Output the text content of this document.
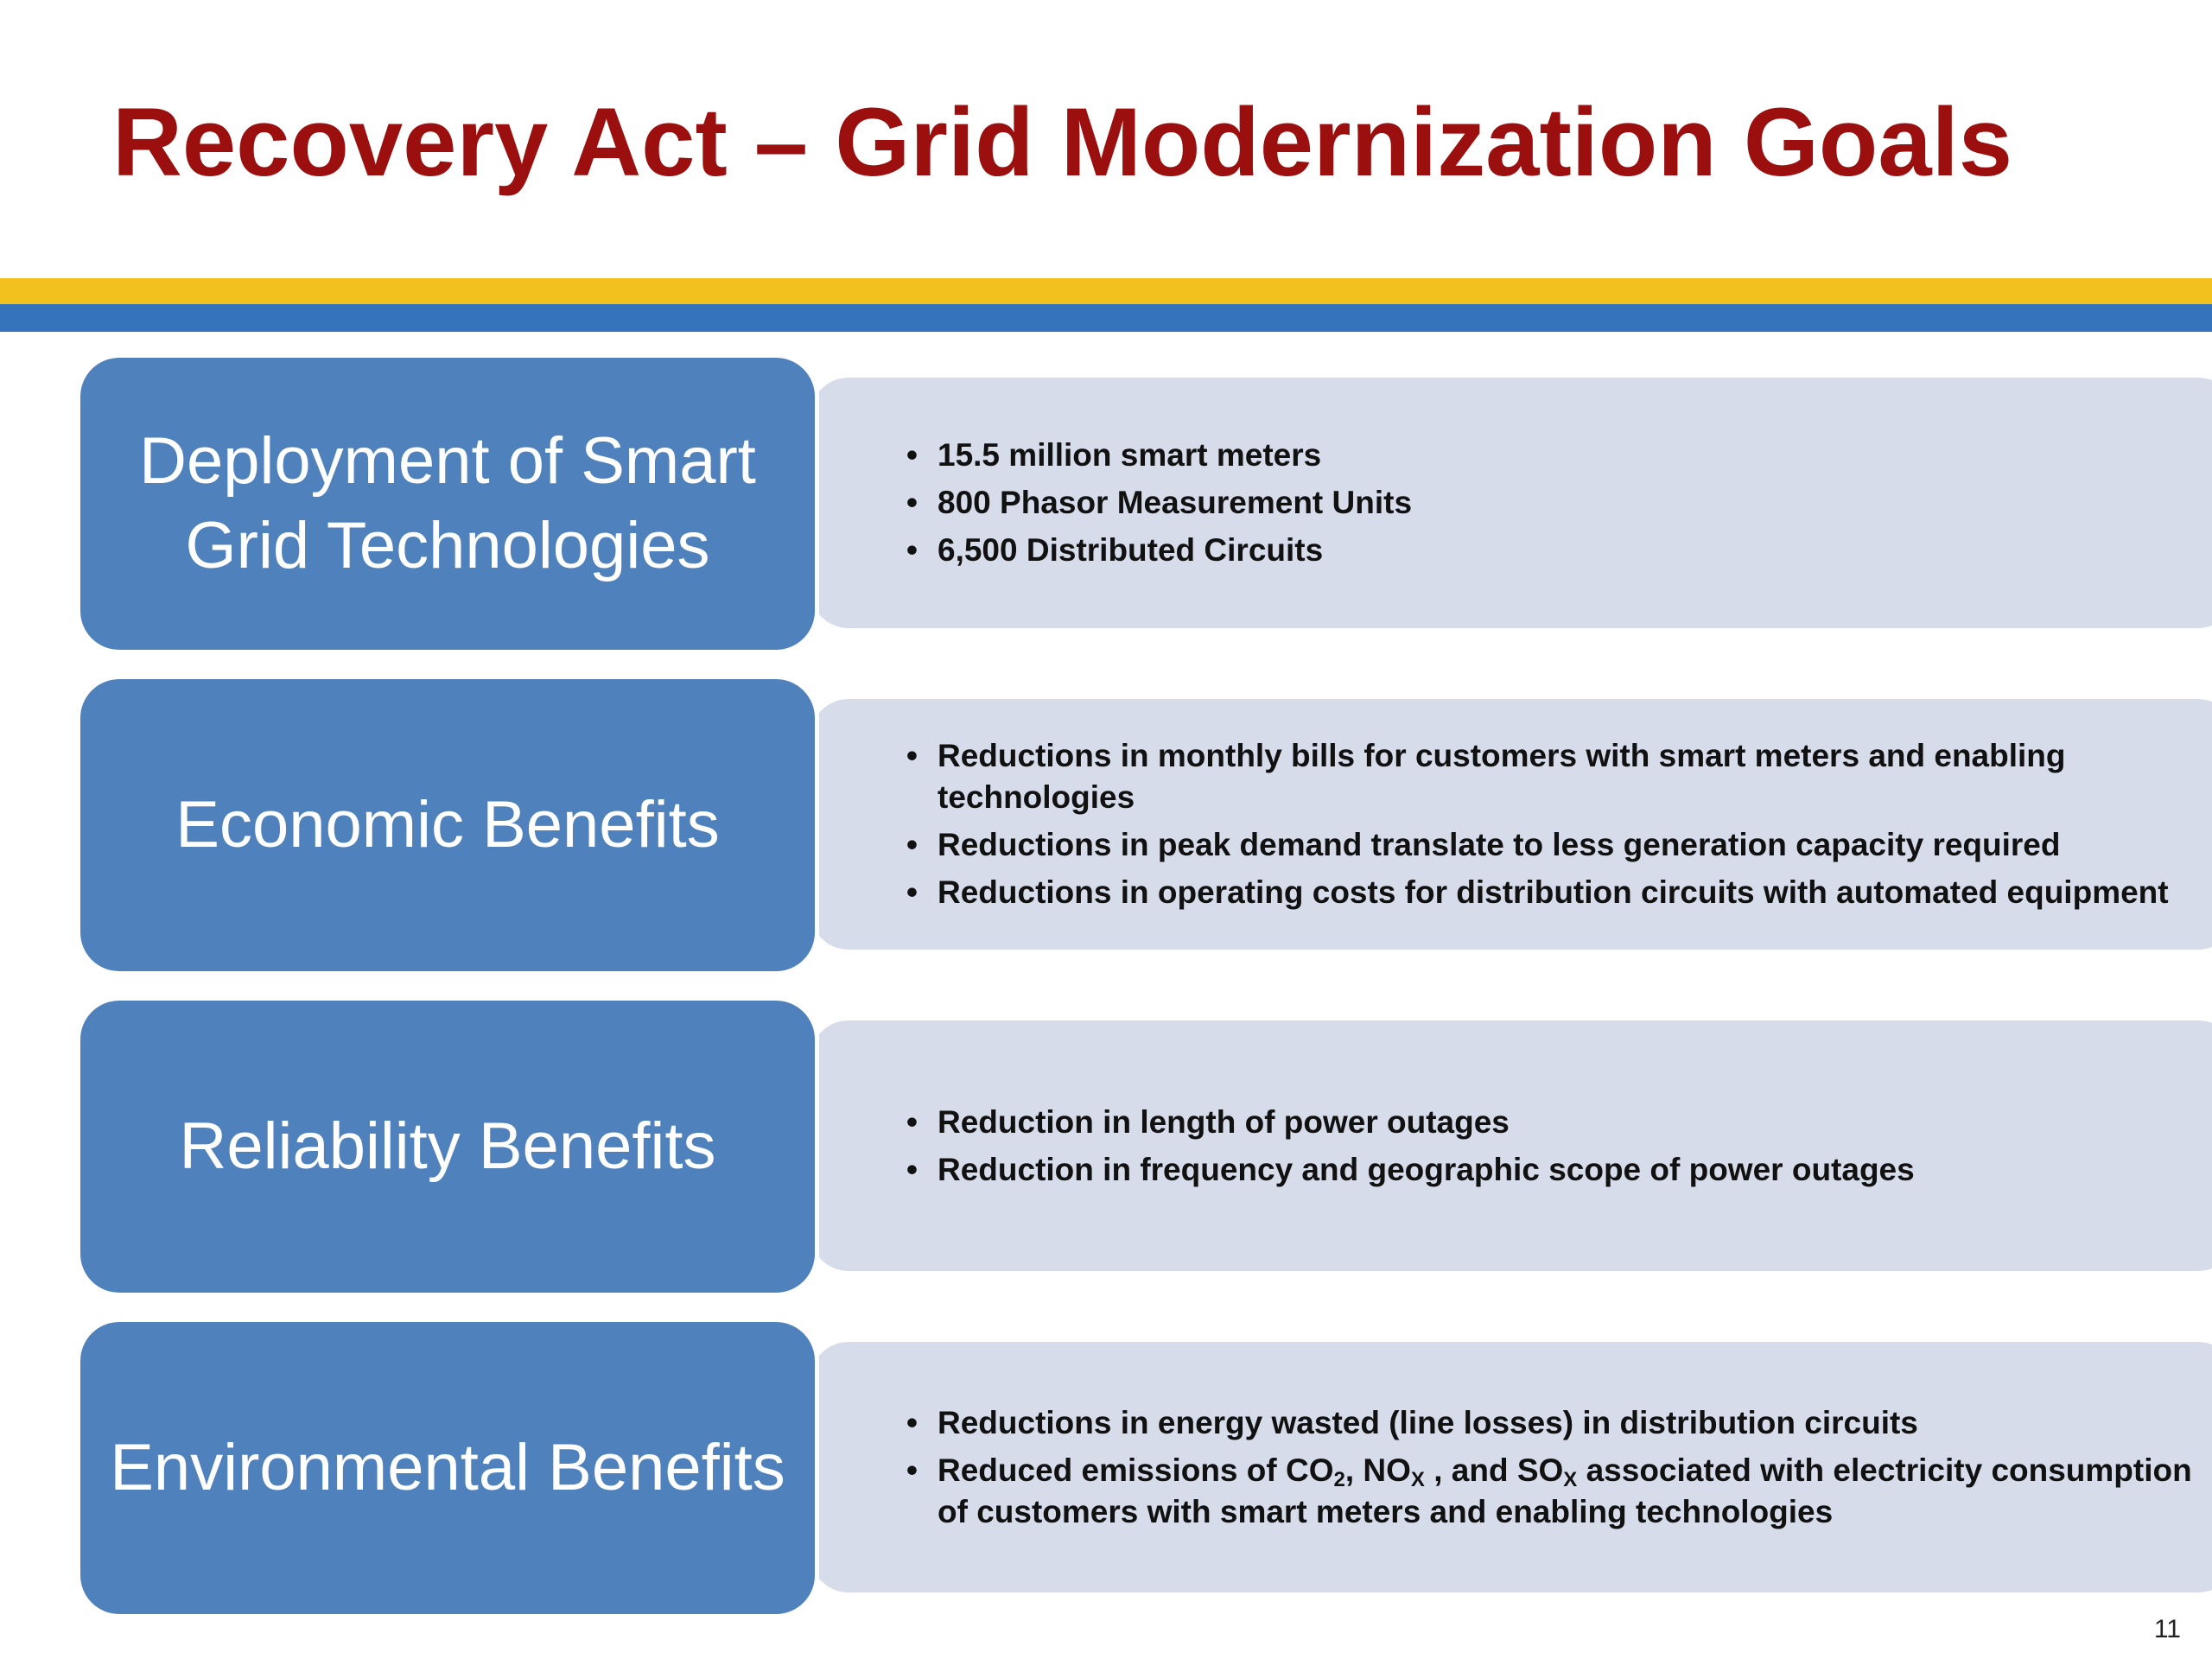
Recovery Act – Grid Modernization Goals
• 15.5 million smart meters
• 800 Phasor Measurement Units
• 6,500 Distributed Circuits
Deployment of Smart Grid Technologies
• Reductions in monthly bills for customers with smart meters and enabling technologies
• Reductions in peak demand translate to less generation capacity required
• Reductions in operating costs for distribution circuits with automated equipment
Economic Benefits
• Reduction in length of power outages
• Reduction in frequency and geographic scope of power outages
Reliability Benefits
• Reductions in energy wasted (line losses) in distribution circuits
• Reduced emissions of $CO_2$, $NO_X$ , and $SO_X$ associated with electricity consumption of customers with smart meters and enabling technologies
Environmental Benefits
11
